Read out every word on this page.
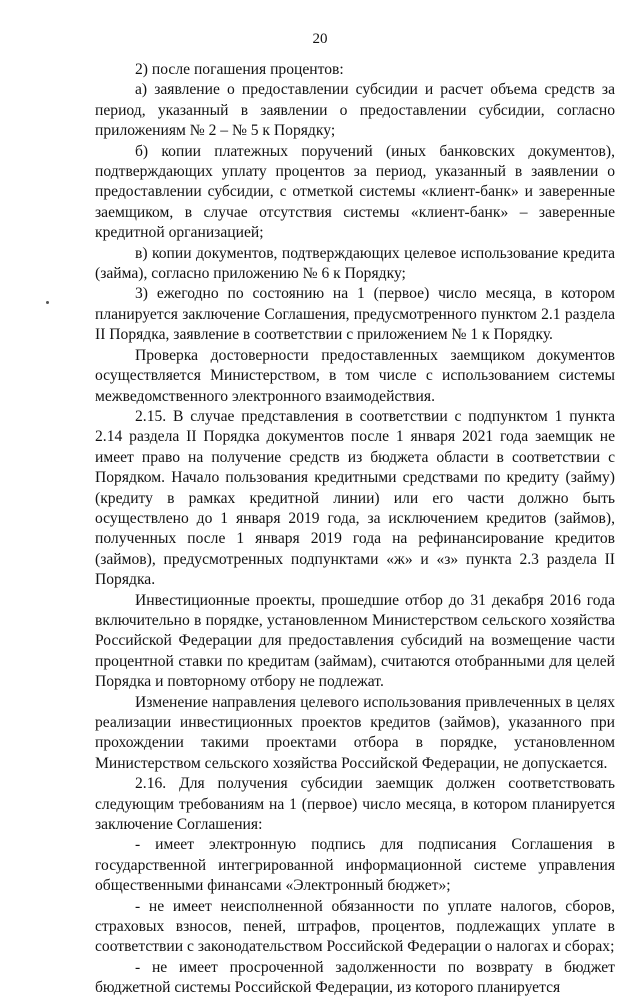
20

2) после погашения процентов:

а) заявление о предоставлении субсидии и расчет объема средств за период, указанный в заявлении о предоставлении субсидии, согласно приложениям № 2 – № 5 к Порядку;

б) копии платежных поручений (иных банковских документов), подтверждающих уплату процентов за период, указанный в заявлении о предоставлении субсидии, с отметкой системы «клиент-банк» и заверенные заемщиком, в случае отсутствия системы «клиент-банк» – заверенные кредитной организацией;

в) копии документов, подтверждающих целевое использование кредита (займа), согласно приложению № 6 к Порядку;

3) ежегодно по состоянию на 1 (первое) число месяца, в котором планируется заключение Соглашения, предусмотренного пунктом 2.1 раздела II Порядка, заявление в соответствии с приложением № 1 к Порядку.

Проверка достоверности предоставленных заемщиком документов осуществляется Министерством, в том числе с использованием системы межведомственного электронного взаимодействия.

2.15. В случае представления в соответствии с подпунктом 1 пункта 2.14 раздела II Порядка документов после 1 января 2021 года заемщик не имеет право на получение средств из бюджета области в соответствии с Порядком. Начало пользования кредитными средствами по кредиту (займу) (кредиту в рамках кредитной линии) или его части должно быть осуществлено до 1 января 2019 года, за исключением кредитов (займов), полученных после 1 января 2019 года на рефинансирование кредитов (займов), предусмотренных подпунктами «ж» и «з» пункта 2.3 раздела II Порядка.

Инвестиционные проекты, прошедшие отбор до 31 декабря 2016 года включительно в порядке, установленном Министерством сельского хозяйства Российской Федерации для предоставления субсидий на возмещение части процентной ставки по кредитам (займам), считаются отобранными для целей Порядка и повторному отбору не подлежат.

Изменение направления целевого использования привлеченных в целях реализации инвестиционных проектов кредитов (займов), указанного при прохождении такими проектами отбора в порядке, установленном Министерством сельского хозяйства Российской Федерации, не допускается.

2.16. Для получения субсидии заемщик должен соответствовать следующим требованиям на 1 (первое) число месяца, в котором планируется заключение Соглашения:

- имеет электронную подпись для подписания Соглашения в государственной интегрированной информационной системе управления общественными финансами «Электронный бюджет»;

- не имеет неисполненной обязанности по уплате налогов, сборов, страховых взносов, пеней, штрафов, процентов, подлежащих уплате в соответствии с законодательством Российской Федерации о налогах и сборах;

- не имеет просроченной задолженности по возврату в бюджет бюджетной системы Российской Федерации, из которого планируется
